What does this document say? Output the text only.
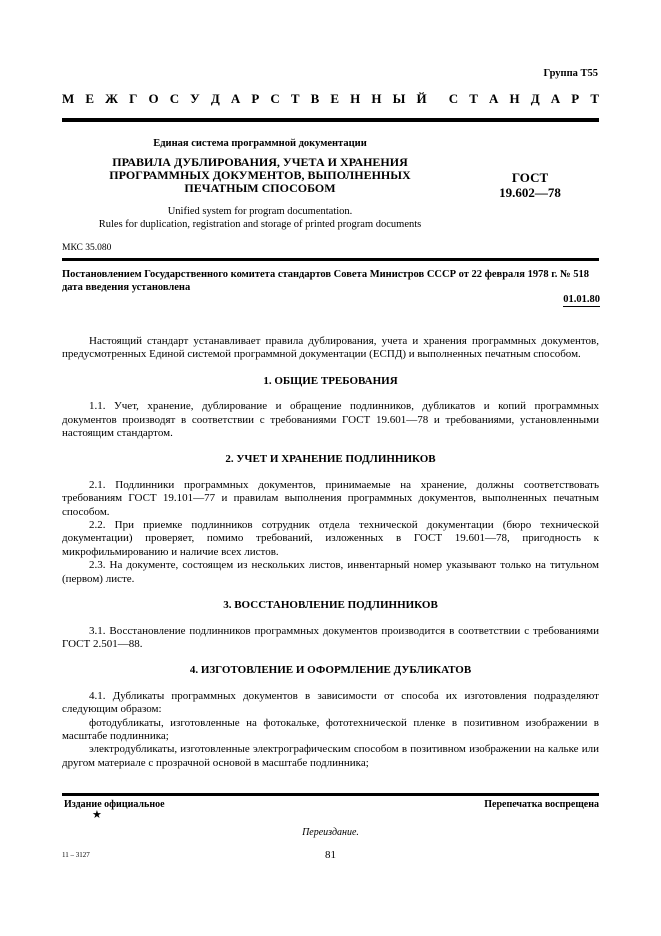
Группа Т55
М Е Ж Г О С У Д А Р С Т В Е Н Н Ы Й С Т А Н Д А Р Т
Единая система программной документации
ПРАВИЛА ДУБЛИРОВАНИЯ, УЧЕТА И ХРАНЕНИЯ
ПРОГРАММНЫХ ДОКУМЕНТОВ, ВЫПОЛНЕННЫХ
ПЕЧАТНЫМ СПОСОБОМ
ГОСТ
19.602—78
Unified system for program documentation.
Rules for duplication, registration and storage of printed program documents
МКС 35.080
Постановлением Государственного комитета стандартов Совета Министров СССР от 22 февраля 1978 г. № 518
дата введения установлена
01.01.80

Настоящий стандарт устанавливает правила дублирования, учета и хранения программных документов, предусмотренных Единой системой программной документации (ЕСПД) и выполненных печатным способом.

1. ОБЩИЕ ТРЕБОВАНИЯ

1.1. Учет, хранение, дублирование и обращение подлинников, дубликатов и копий программных документов производят в соответствии с требованиями ГОСТ 19.601—78 и требованиями, установленными настоящим стандартом.

2. УЧЕТ И ХРАНЕНИЕ ПОДЛИННИКОВ

2.1. Подлинники программных документов, принимаемые на хранение, должны соответствовать требованиям ГОСТ 19.101—77 и правилам выполнения программных документов, выполненных печатным способом.

2.2. При приемке подлинников сотрудник отдела технической документации (бюро технической документации) проверяет, помимо требований, изложенных в ГОСТ 19.601—78, пригодность к микрофильмированию и наличие всех листов.

2.3. На документе, состоящем из нескольких листов, инвентарный номер указывают только на титульном (первом) листе.

3. ВОССТАНОВЛЕНИЕ ПОДЛИННИКОВ

3.1. Восстановление подлинников программных документов производится в соответствии с требованиями ГОСТ 2.501—88.

4. ИЗГОТОВЛЕНИЕ И ОФОРМЛЕНИЕ ДУБЛИКАТОВ

4.1. Дубликаты программных документов в зависимости от способа их изготовления подразделяют следующим образом:

фотодубликаты, изготовленные на фотокальке, фототехнической пленке в позитивном изображении в масштабе подлинника;

электродубликаты, изготовленные электрографическим способом в позитивном изображении на кальке или другом материале с прозрачной основой в масштабе подлинника;

Издание официальное
★
Перепечатка воспрещена
Переиздание.
11 – 3127	81
